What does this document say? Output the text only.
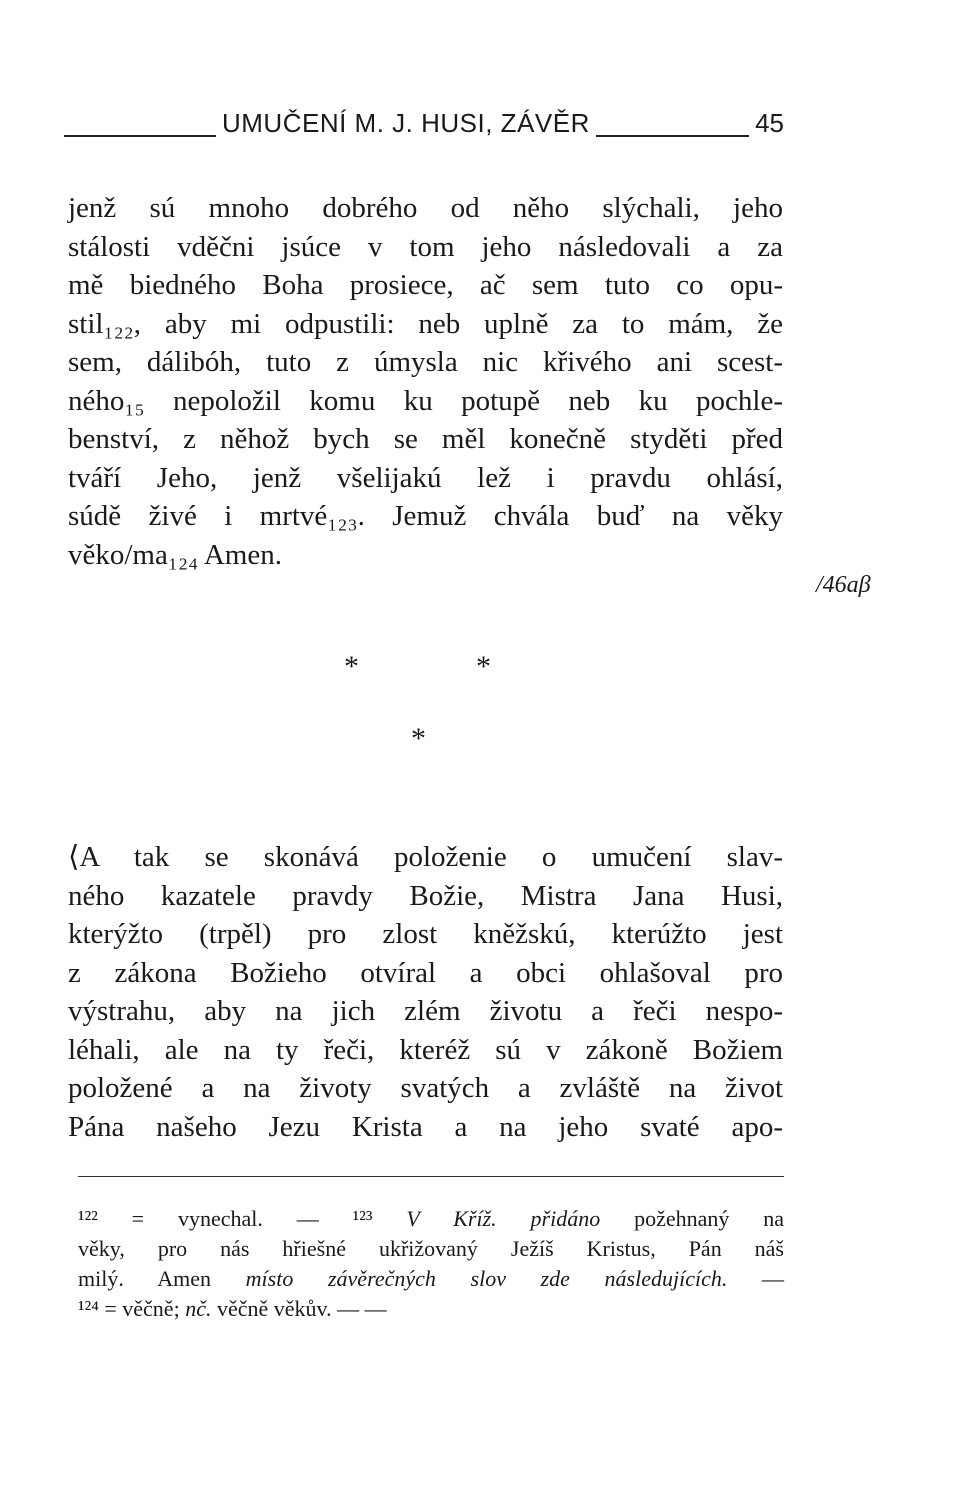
UMUČENÍ M. J. HUSI, ZÁVĚR	45
jenž sú mnoho dobrého od něho slýchali, jeho
stálosti vděčni jsúce v tom jeho následovali a za
mě biedného Boha prosiece, ač sem tuto co opu-
stil₁₂₂, aby mi odpustili: neb uplně za to mám, že
sem, dálibóh, tuto z úmysla nic křivého ani scest-
ného₁₅ nepoložil komu ku potupě neb ku pochle-
benství, z něhož bych se měl konečně styděti před
tváří Jeho, jenž všelijakú lež i pravdu ohlásí,
súdě živé i mrtvé₁₂₃. Jemuž chvála buď na věky
věko/ma₁₂₄ Amen.
/46aβ
*	*
*
⟨A tak se skonává položenie o umučení slav-
ného kazatele pravdy Božie, Mistra Jana Husi,
kterýžto (trpěl) pro zlost kněžskú, kterúžto jest
z zákona Božieho otvíral a obci ohlašoval pro
výstrahu, aby na jich zlém životu a řeči nespo-
léhali, ale na ty řeči, kteréž sú v zákoně Božiem
položené a na životy svatých a zvláště na život
Pána našeho Jezu Krista a na jeho svaté apo-
¹²² = vynechal. — ¹²³ V Kříž. přidáno požehnaný na
věky, pro nás hřiešné ukřižovaný Ježíš Kristus, Pán náš
milý. Amen místo závěrečných slov zde následujících. —
¹²⁴ = věčně; nč. věčně věkův. — —
